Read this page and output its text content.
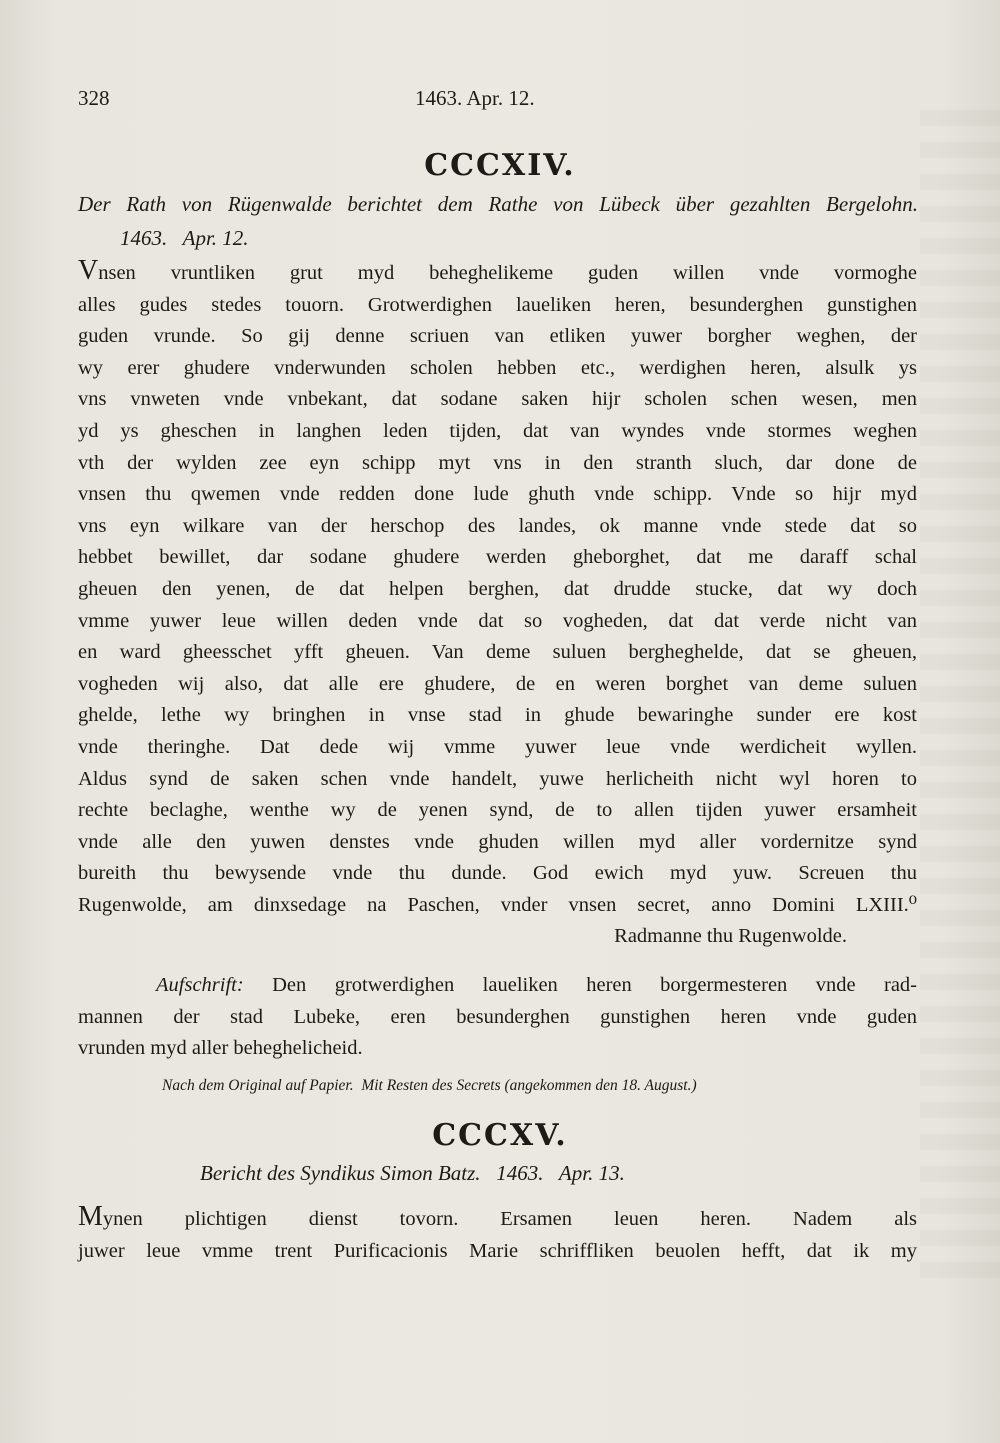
328	1463. Apr. 12.
CCCXIV.
Der Rath von Rügenwalde berichtet dem Rathe von Lübeck über gezahlten Bergelohn.
1463.   Apr. 12.
Vnsen vruntliken grut myd beheghelikeme guden willen vnde vormoghe
alles gudes stedes touorn. Grotwerdighen laueliken heren, besunderghen gunstighen
guden vrunde. So gij denne scriuen van etliken yuwer borgher weghen, der
wy erer ghudere vnderwunden scholen hebben etc., werdighen heren, alsulk ys
vns vnweten vnde vnbekant, dat sodane saken hijr scholen schen wesen, men
yd ys gheschen in langhen leden tijden, dat van wyndes vnde stormes weghen
vth der wylden zee eyn schipp myt vns in den stranth sluch, dar done de
vnsen thu qwemen vnde redden done lude ghuth vnde schipp. Vnde so hijr myd
vns eyn wilkare van der herschop des landes, ok manne vnde stede dat so
hebbet bewillet, dar sodane ghudere werden gheborghet, dat me daraff schal
gheuen den yenen, de dat helpen berghen, dat drudde stucke, dat wy doch
vmme yuwer leue willen deden vnde dat so vogheden, dat dat verde nicht van
en ward gheesschet yfft gheuen. Van deme suluen bergheghelde, dat se gheuen,
vogheden wij also, dat alle ere ghudere, de en weren borghet van deme suluen
ghelde, lethe wy bringhen in vnse stad in ghude bewaringhe sunder ere kost
vnde theringhe. Dat dede wij vmme yuwer leue vnde werdicheit wyllen.
Aldus synd de saken schen vnde handelt, yuwe herlicheith nicht wyl horen to
rechte beclaghe, wenthe wy de yenen synd, de to allen tijden yuwer ersamheit
vnde alle den yuwen denstes vnde ghuden willen myd aller vordernitze synd
bureith thu bewysende vnde thu dunde. God ewich myd yuw. Screuen thu
Rugenwolde, am dinxsedage na Paschen, vnder vnsen secret, anno Domini LXIII.⁰
Radmanne thu Rugenwolde.
Aufschrift: Den grotwerdighen laueliken heren borgermesteren vnde rad-
mannen der stad Lubeke, eren besunderghen gunstighen heren vnde guden
vrunden myd aller beheghelicheid.
Nach dem Original auf Papier.  Mit Resten des Secrets (angekommen den 18. August.)
CCCXV.
Bericht des Syndikus Simon Batz.   1463.   Apr. 13.
Mynen plichtigen dienst tovorn. Ersamen leuen heren. Nadem als
juwer leue vmme trent Purificacionis Marie schriffliken beuolen hefft, dat ik my
